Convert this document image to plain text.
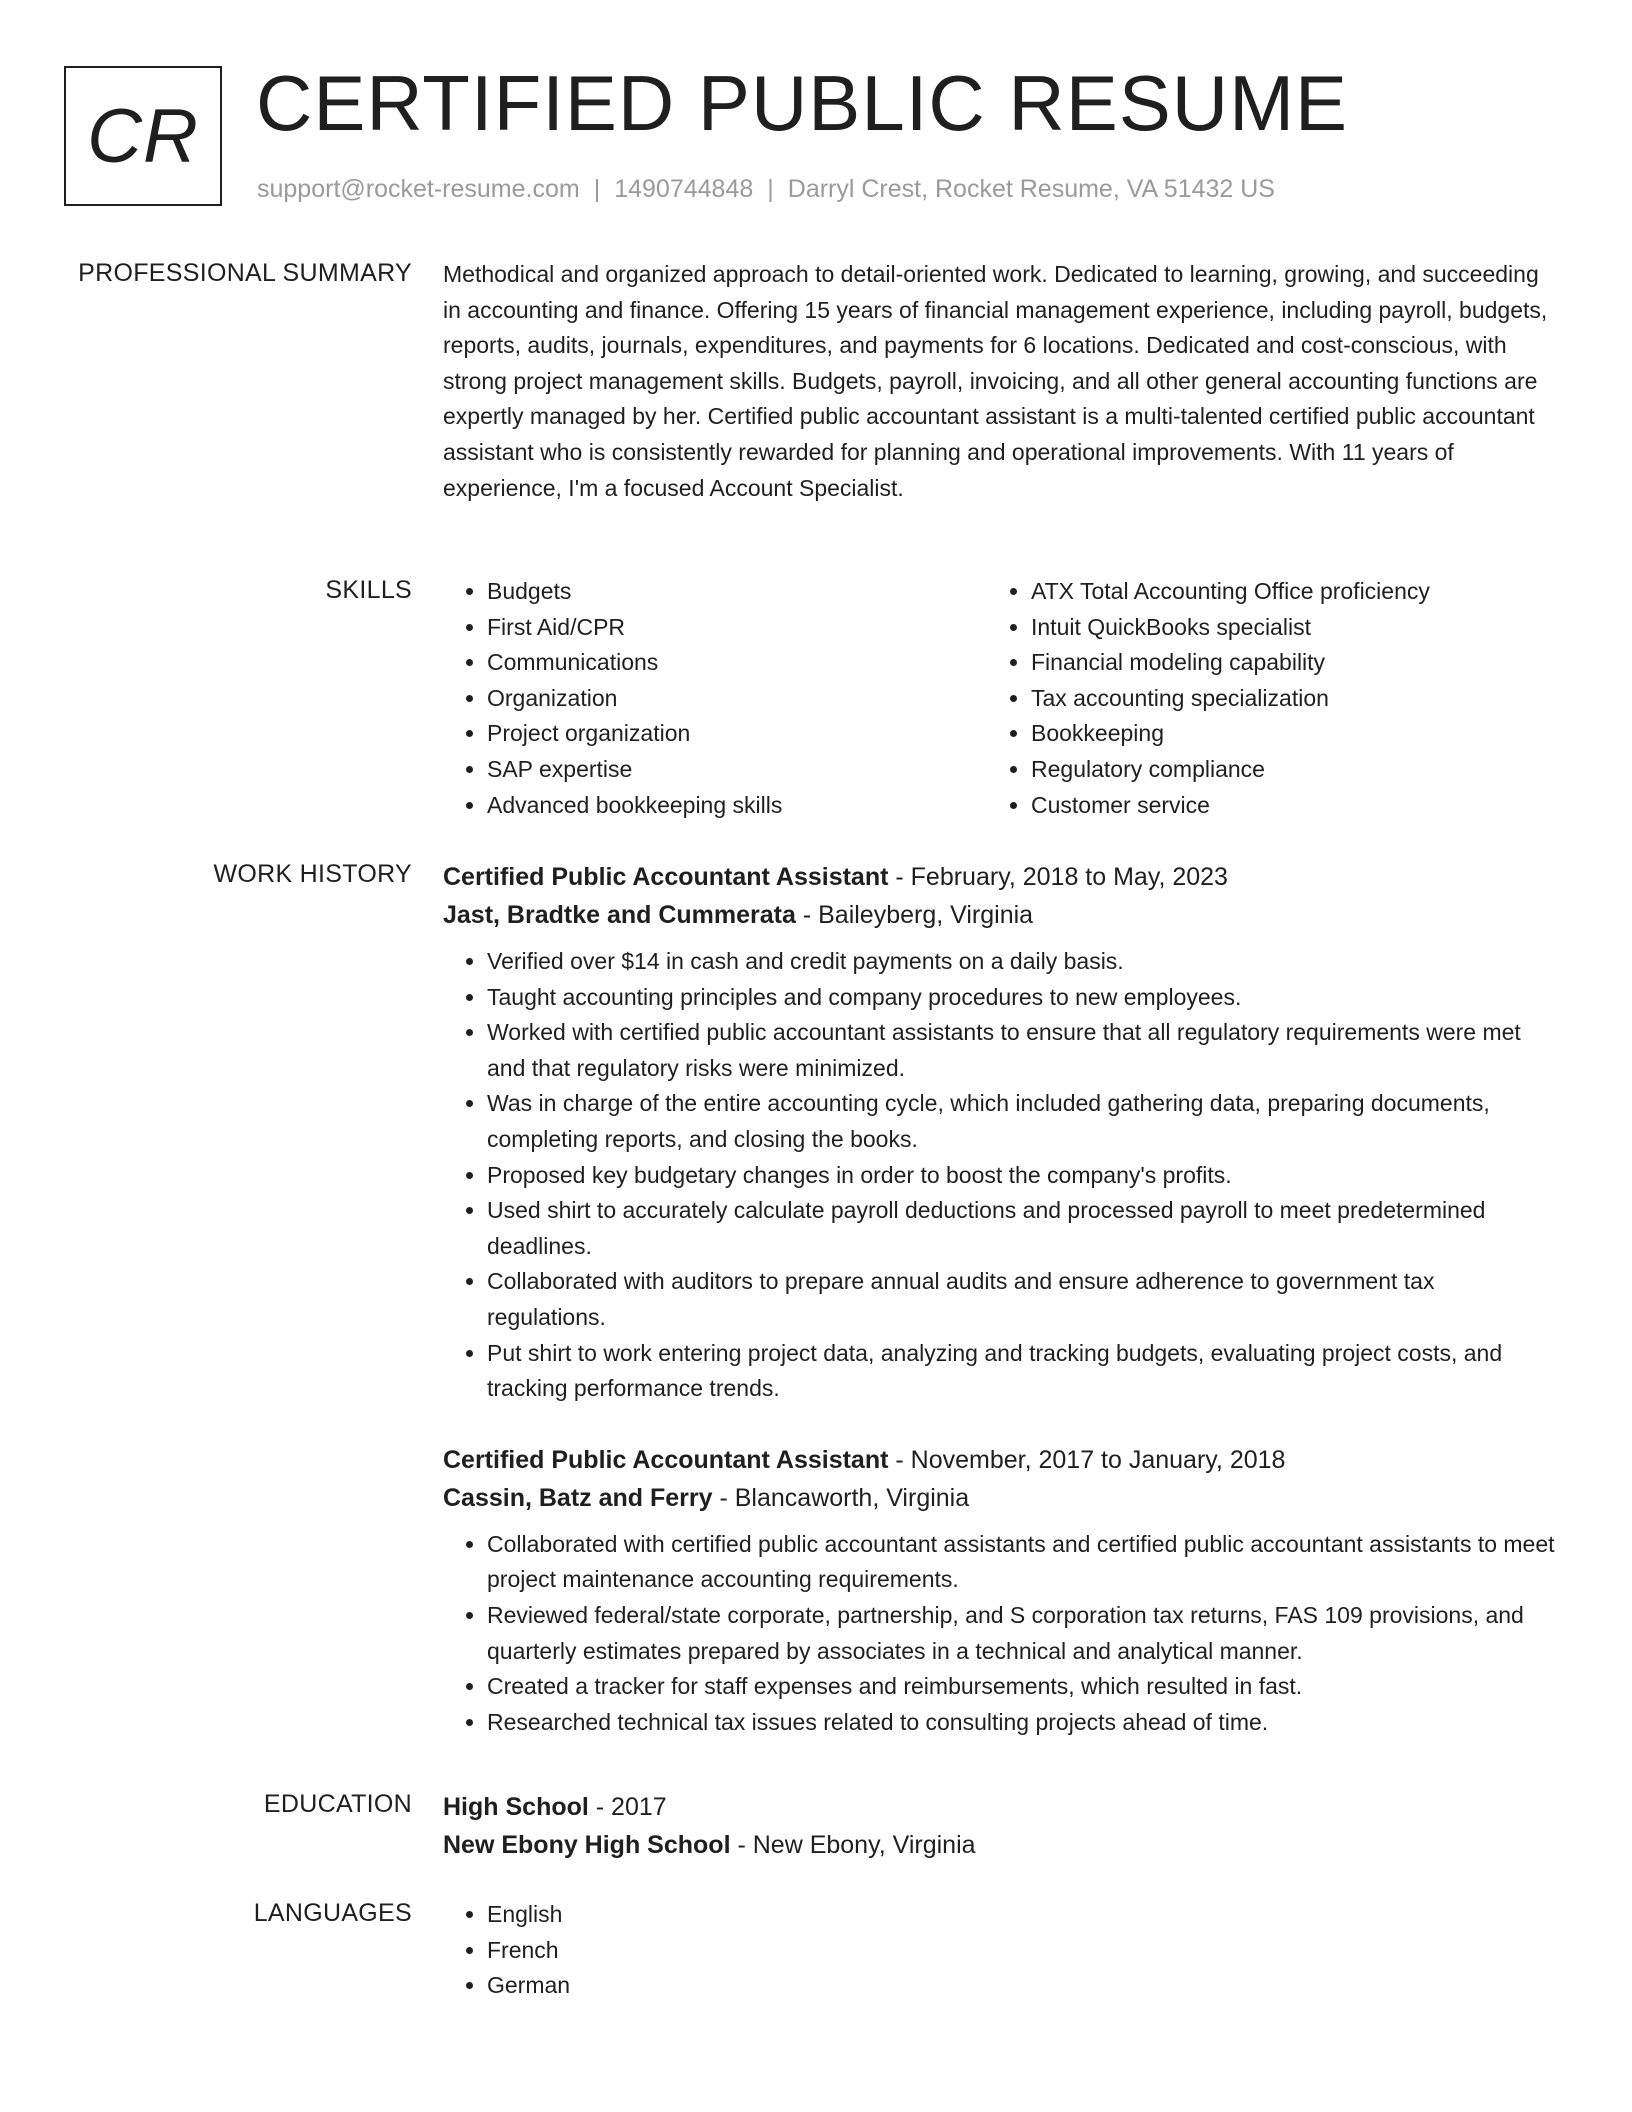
CR CERTIFIED PUBLIC RESUME
support@rocket-resume.com | 1490744848 | Darryl Crest, Rocket Resume, VA 51432 US
PROFESSIONAL SUMMARY Methodical and organized approach to detail-oriented work. Dedicated to learning, growing, and succeeding in accounting and finance. Offering 15 years of financial management experience, including payroll, budgets, reports, audits, journals, expenditures, and payments for 6 locations. Dedicated and cost-conscious, with strong project management skills. Budgets, payroll, invoicing, and all other general accounting functions are expertly managed by her. Certified public accountant assistant is a multi-talented certified public accountant assistant who is consistently rewarded for planning and operational improvements. With 11 years of experience, I'm a focused Account Specialist.

SKILLS	• Budgets
• First Aid/CPR
• Communications
• Organization
• Project organization
• SAP expertise
• Advanced bookkeeping skills
• ATX Total Accounting Office proficiency
• Intuit QuickBooks specialist
• Financial modeling capability
• Tax accounting specialization
• Bookkeeping
• Regulatory compliance
• Customer service
WORK HISTORY Certified Public Accountant Assistant - February, 2018 to May, 2023
Jast, Bradtke and Cummerata - Baileyberg, Virginia
• Verified over $14 in cash and credit payments on a daily basis.
• Taught accounting principles and company procedures to new employees.
• Worked with certified public accountant assistants to ensure that all regulatory requirements were met and that regulatory risks were minimized.
• Was in charge of the entire accounting cycle, which included gathering data, preparing documents, completing reports, and closing the books.
• Proposed key budgetary changes in order to boost the company's profits.
• Used shirt to accurately calculate payroll deductions and processed payroll to meet predetermined deadlines.
• Collaborated with auditors to prepare annual audits and ensure adherence to government tax regulations.
• Put shirt to work entering project data, analyzing and tracking budgets, evaluating project costs, and tracking performance trends.
Certified Public Accountant Assistant - November, 2017 to January, 2018
Cassin, Batz and Ferry - Blancaworth, Virginia
• Collaborated with certified public accountant assistants and certified public accountant assistants to meet project maintenance accounting requirements.
• Reviewed federal/state corporate, partnership, and S corporation tax returns, FAS 109 provisions, and quarterly estimates prepared by associates in a technical and analytical manner.
• Created a tracker for staff expenses and reimbursements, which resulted in fast.
• Researched technical tax issues related to consulting projects ahead of time.
EDUCATION High School - 2017
New Ebony High School - New Ebony, Virginia
LANGUAGES	• English
• French
• German
